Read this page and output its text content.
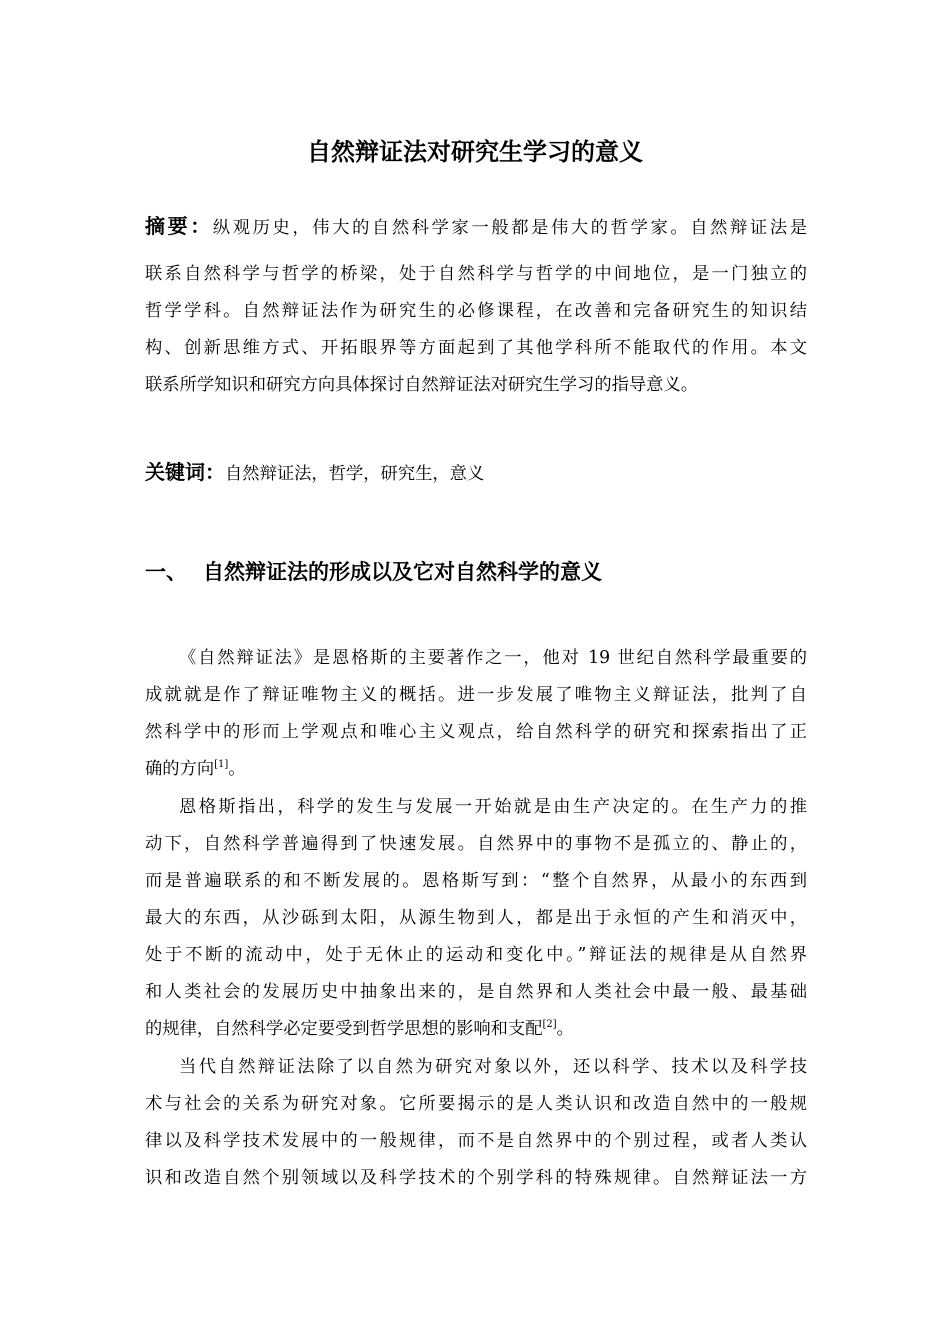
自然辩证法对研究生学习的意义
摘要：纵观历史，伟大的自然科学家一般都是伟大的哲学家。自然辩证法是
联系自然科学与哲学的桥梁，处于自然科学与哲学的中间地位，是一门独立的
哲学学科。自然辩证法作为研究生的必修课程，在改善和完备研究生的知识结
构、创新思维方式、开拓眼界等方面起到了其他学科所不能取代的作用。本文
联系所学知识和研究方向具体探讨自然辩证法对研究生学习的指导意义。
关键词：自然辩证法，哲学，研究生，意义
一、 自然辩证法的形成以及它对自然科学的意义
《自然辩证法》是恩格斯的主要著作之一，他对 19 世纪自然科学最重要的
成就就是作了辩证唯物主义的概括。进一步发展了唯物主义辩证法，批判了自
然科学中的形而上学观点和唯心主义观点，给自然科学的研究和探索指出了正
确的方向[1]。
恩格斯指出，科学的发生与发展一开始就是由生产决定的。在生产力的推
动下，自然科学普遍得到了快速发展。自然界中的事物不是孤立的、静止的，
而是普遍联系的和不断发展的。恩格斯写到：“整个自然界，从最小的东西到
最大的东西，从沙砾到太阳，从源生物到人，都是出于永恒的产生和消灭中，
处于不断的流动中，处于无休止的运动和变化中。”辩证法的规律是从自然界
和人类社会的发展历史中抽象出来的，是自然界和人类社会中最一般、最基础
的规律，自然科学必定要受到哲学思想的影响和支配[2]。
当代自然辩证法除了以自然为研究对象以外，还以科学、技术以及科学技
术与社会的关系为研究对象。它所要揭示的是人类认识和改造自然中的一般规
律以及科学技术发展中的一般规律，而不是自然界中的个别过程，或者人类认
识和改造自然个别领域以及科学技术的个别学科的特殊规律。自然辩证法一方
